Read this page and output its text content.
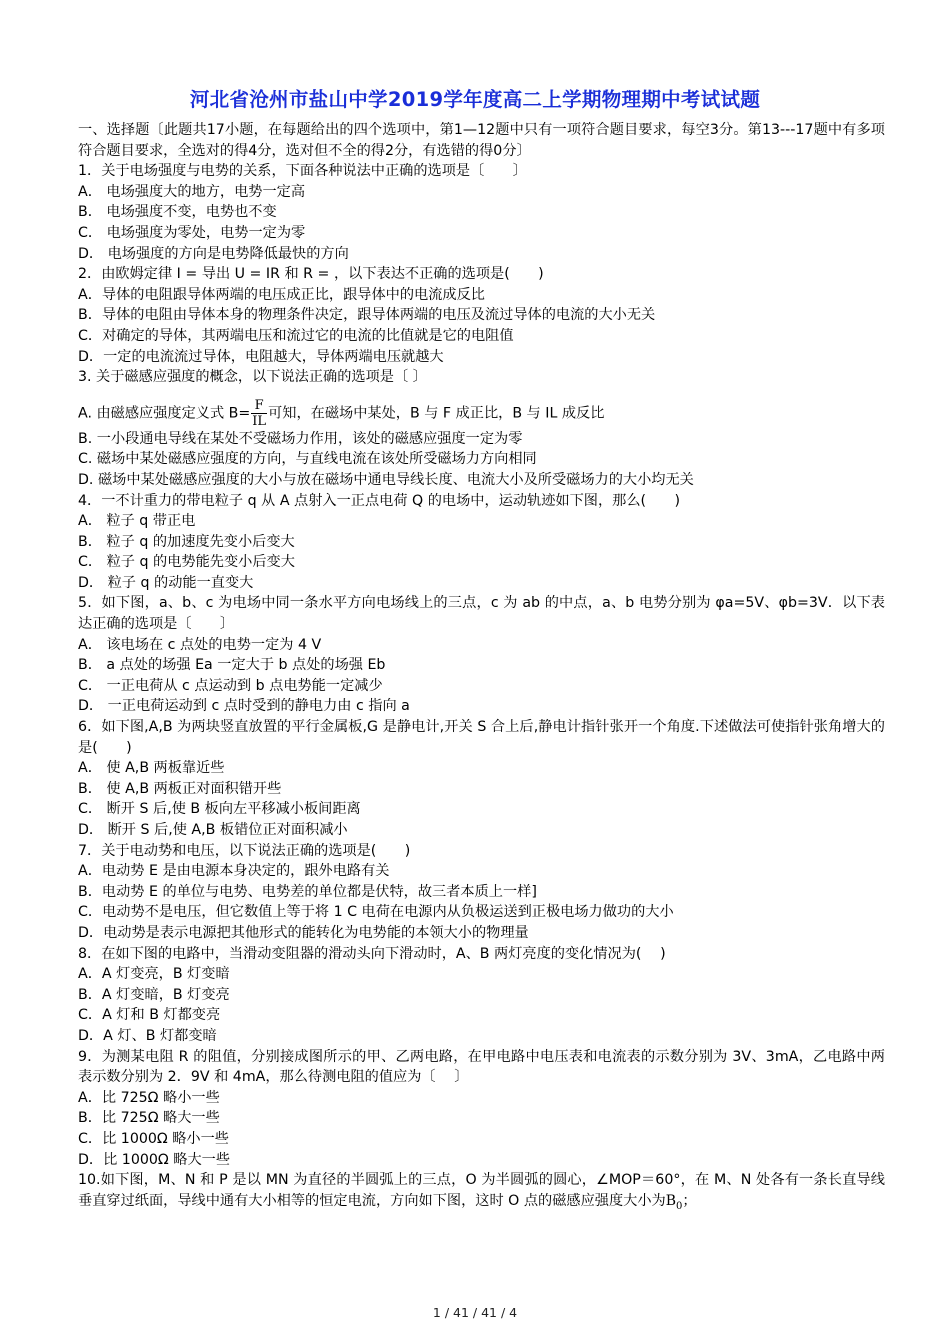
河北省沧州市盐山中学2019学年度高二上学期物理期中考试试题

一、选择题〔此题共17小题，在每题给出的四个选项中，第1—12题中只有一项符合题目要求，每空3分。第13---17题中有多项符合题目要求，全选对的得4分，选对但不全的得2分，有选错的得0分〕

1．关于电场强度与电势的关系，下面各种说法中正确的选项是〔　　〕

A． 电场强度大的地方，电势一定高

B． 电场强度不变，电势也不变

C． 电场强度为零处，电势一定为零

D． 电场强度的方向是电势降低最快的方向

2．由欧姆定律 I = 导出 U = IR 和 R = ，以下表达不正确的选项是(　　)

A．导体的电阻跟导体两端的电压成正比，跟导体中的电流成反比

B．导体的电阻由导体本身的物理条件决定，跟导体两端的电压及流过导体的电流的大小无关

C．对确定的导体，其两端电压和流过它的电流的比值就是它的电阻值

D．一定的电流流过导体，电阻越大，导体两端电压就越大

3. 关于磁感应强度的概念，以下说法正确的选项是〔 〕

A. 由磁感应强度定义式 $B= \frac{F}{IL}$ 可知，在磁场中某处，B 与 F 成正比，B 与 IL 成反比

B. 一小段通电导线在某处不受磁场力作用，该处的磁感应强度一定为零

C. 磁场中某处磁感应强度的方向，与直线电流在该处所受磁场力方向相同

D. 磁场中某处磁感应强度的大小与放在磁场中通电导线长度、电流大小及所受磁场力的大小均无关

4．一不计重力的带电粒子 q 从 A 点射入一正点电荷 Q 的电场中，运动轨迹如下图，那么(　　)

A． 粒子 q 带正电

B． 粒子 q 的加速度先变小后变大

C． 粒子 q 的电势能先变小后变大

D． 粒子 q 的动能一直变大

5．如下图，a、b、c 为电场中同一条水平方向电场线上的三点，c 为 ab 的中点，a、b 电势分别为 φa=5V、φb=3V．以下表达正确的选项是〔　　〕

A． 该电场在 c 点处的电势一定为 4 V

B． a 点处的场强 Ea 一定大于 b 点处的场强 Eb

C． 一正电荷从 c 点运动到 b 点电势能一定减少

D． 一正电荷运动到 c 点时受到的静电力由 c 指向 a

6．如下图,A,B 为两块竖直放置的平行金属板,G 是静电计,开关 S 合上后,静电计指针张开一个角度.下述做法可使指针张角增大的是(　　)

A． 使 A,B 两板靠近些

B． 使 A,B 两板正对面积错开些

C． 断开 S 后,使 B 板向左平移减小板间距离

D． 断开 S 后,使 A,B 板错位正对面积减小

7．关于电动势和电压，以下说法正确的选项是(　　)

A．电动势 E 是由电源本身决定的，跟外电路有关

B．电动势 E 的单位与电势、电势差的单位都是伏特，故三者本质上一样]

C．电动势不是电压，但它数值上等于将 1 C 电荷在电源内从负极运送到正极电场力做功的大小

D．电动势是表示电源把其他形式的能转化为电势能的本领大小的物理量

8．在如下图的电路中，当滑动变阻器的滑动头向下滑动时，A、B 两灯亮度的变化情况为(　 )

A．A 灯变亮，B 灯变暗

B．A 灯变暗，B 灯变亮

C．A 灯和 B 灯都变亮

D．A 灯、B 灯都变暗

9．为测某电阻 R 的阻值，分别接成图所示的甲、乙两电路，在甲电路中电压表和电流表的示数分别为 3V、3mA，乙电路中两表示数分别为 2．9V 和 4mA，那么待测电阻的值应为〔　 〕

A．比 725Ω 略小一些

B．比 725Ω 略大一些

C．比 1000Ω 略小一些

D．比 1000Ω 略大一些

10.如下图，M、N 和 P 是以 MN 为直径的半圆弧上的三点，O 为半圆弧的圆心，∠MOP＝60°，在 M、N 处各有一条长直导线垂直穿过纸面，导线中通有大小相等的恒定电流，方向如下图，这时 O 点的磁感应强度大小为$B_0$；

1 / 41 / 41 / 4
